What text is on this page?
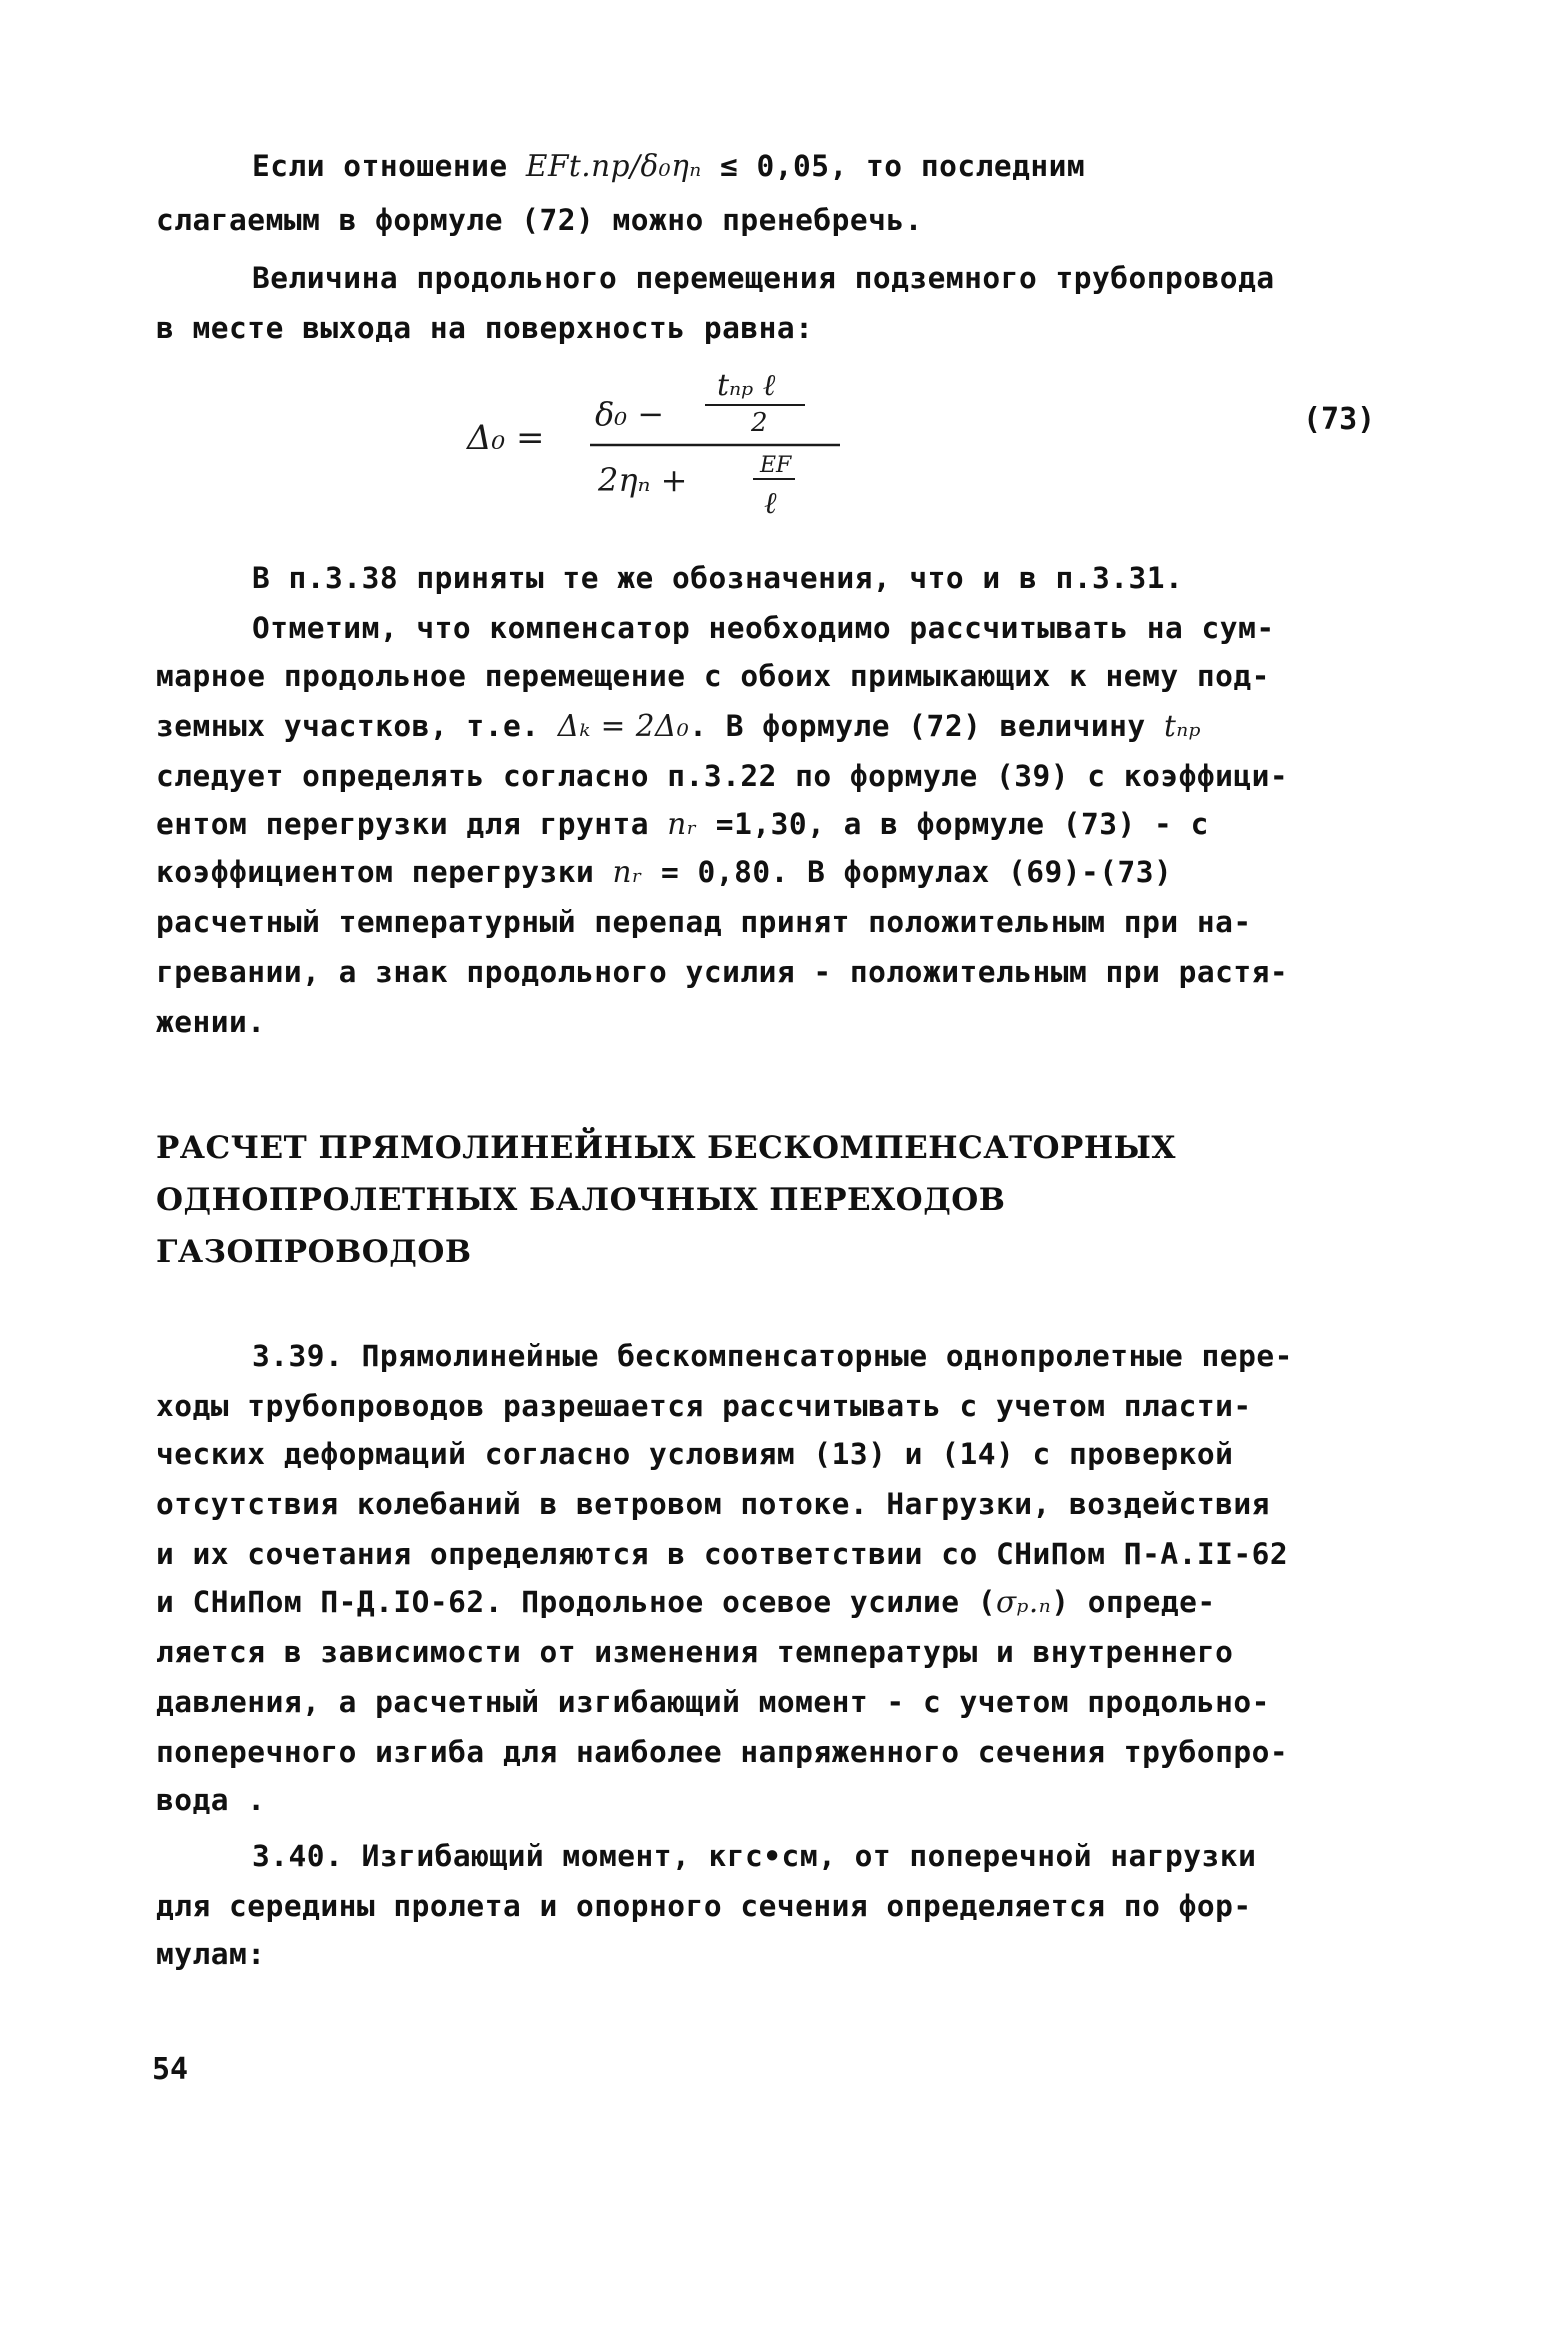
Если отношение EFt.пр/δ₀ηₙ ≤ 0,05, то последним
слагаемым в формуле (72) можно пренебречь.
Величина продольного перемещения подземного трубопровода
в месте выхода на поверхность равна:
Δ₀ =
δ₀ −
tₙₚ ℓ
2
2ηₙ +	EF
ℓ
(73)
В п.3.38 приняты те же обозначения, что и в п.3.31.
Отметим, что компенсатор необходимо рассчитывать на сум-
марное продольное перемещение с обоих примыкающих к нему под-
земных участков, т.е. Δₖ = 2Δ₀. В формуле (72) величину tₙₚ
следует определять согласно п.3.22 по формуле (39) с коэффици-
ентом перегрузки для грунта nᵣ =1,30, а в формуле (73) - с
коэффициентом перегрузки nᵣ = 0,80. В формулах (69)-(73)
расчетный температурный перепад принят положительным при на-
гревании, а знак продольного усилия - положительным при растя-
жении.
РАСЧЕТ ПРЯМОЛИНЕЙНЫХ БЕСКОМПЕНСАТОРНЫХ
ОДНОПРОЛЕТНЫХ БАЛОЧНЫХ ПЕРЕХОДОВ
ГАЗОПРОВОДОВ
3.39. Прямолинейные бескомпенсаторные однопролетные пере-
ходы трубопроводов разрешается рассчитывать с учетом пласти-
ческих деформаций согласно условиям (13) и (14) с проверкой
отсутствия колебаний в ветровом потоке. Нагрузки, воздействия
и их сочетания определяются в соответствии со СНиПом П-А.II-62
и СНиПом П-Д.IO-62. Продольное осевое усилие (σₚ.ₙ) опреде-
ляется в зависимости от изменения температуры и внутреннего
давления, а расчетный изгибающий момент - с учетом продольно-
поперечного изгиба для наиболее напряженного сечения трубопро-
вода .
3.40. Изгибающий момент, кгс•см, от поперечной нагрузки
для середины пролета и опорного сечения определяется по фор-
мулам:
54
